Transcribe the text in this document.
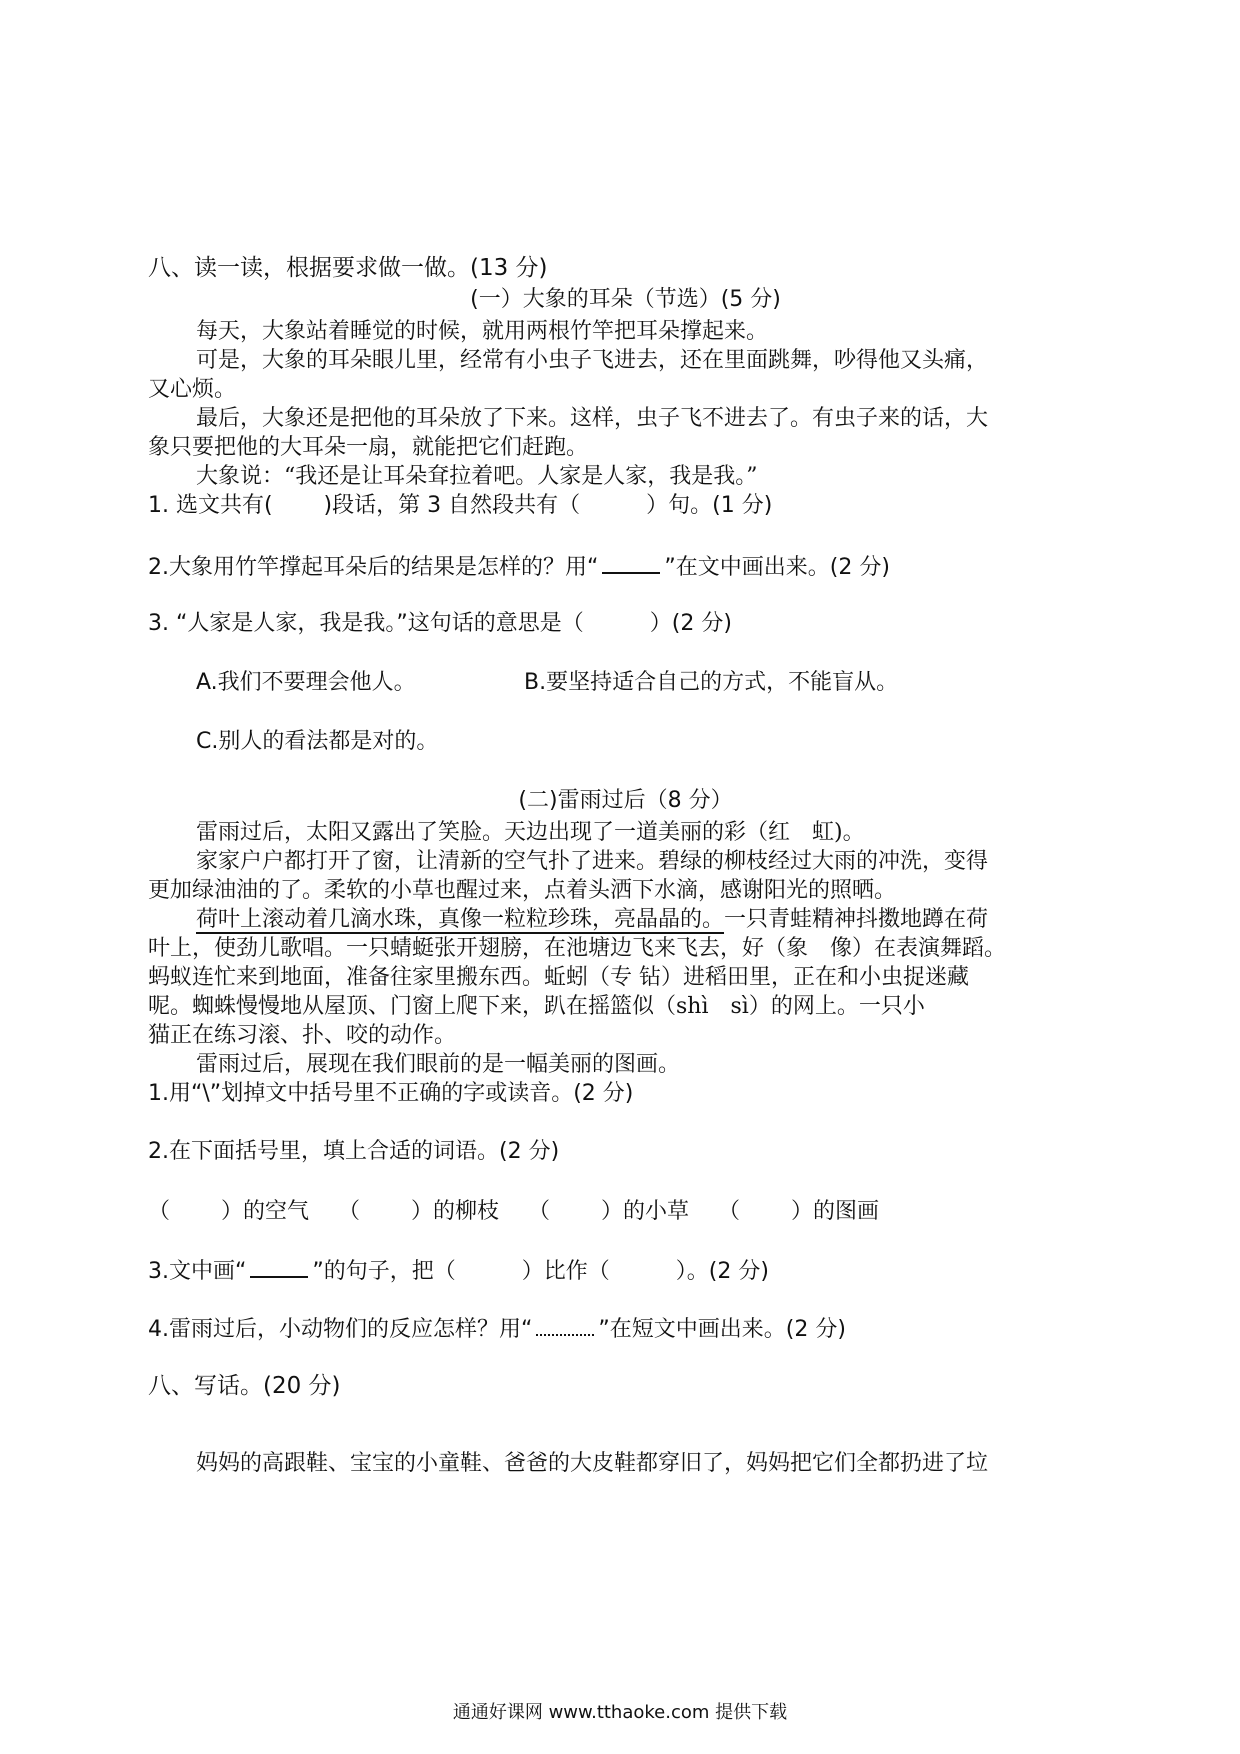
八、读一读，根据要求做一做。(13 分)
(一）大象的耳朵（节选）(5 分)
每天，大象站着睡觉的时候，就用两根竹竿把耳朵撑起来。
可是，大象的耳朵眼儿里，经常有小虫子飞进去，还在里面跳舞，吵得他又头痛，
又心烦。
最后，大象还是把他的耳朵放了下来。这样，虫子飞不进去了。有虫子来的话，大
象只要把他的大耳朵一扇，就能把它们赶跑。
大象说：“我还是让耳朵耷拉着吧。人家是人家，我是我。”
1. 选文共有(　　 )段话，第 3 自然段共有（　　　）句。(1 分)
2.大象用竹竿撑起耳朵后的结果是怎样的？用“	”在文中画出来。(2 分)
3. “人家是人家，我是我。”这句话的意思是（　　　）(2 分)
A.我们不要理会他人。	B.要坚持适合自己的方式，不能盲从。
C.别人的看法都是对的。
(二)雷雨过后（8 分）
雷雨过后，太阳又露出了笑脸。天边出现了一道美丽的彩（红　虹)。
家家户户都打开了窗，让清新的空气扑了进来。碧绿的柳枝经过大雨的冲洗，变得
更加绿油油的了。柔软的小草也醒过来，点着头洒下水滴，感谢阳光的照晒。
荷叶上滚动着几滴水珠，真像一粒粒珍珠，亮晶晶的。一只青蛙精神抖擞地蹲在荷
叶上，使劲儿歌唱。一只蜻蜓张开翅膀，在池塘边飞来飞去，好（象　像）在表演舞蹈。
蚂蚁连忙来到地面，准备往家里搬东西。蚯蚓（专 钻）进稻田里，正在和小虫捉迷藏
呢。蜘蛛慢慢地从屋顶、门窗上爬下来，趴在摇篮似（shì　sì）的网上。一只小
猫正在练习滚、扑、咬的动作。
雷雨过后，展现在我们眼前的是一幅美丽的图画。
1.用“\”划掉文中括号里不正确的字或读音。(2 分)
2.在下面括号里，填上合适的词语。(2 分)
（　　 ）的空气　 （　　 ）的柳枝　 （　　 ）的小草　 （　　 ）的图画
3.文中画“	”的句子，把（　　　）比作（　　　）。(2 分)
4.雷雨过后，小动物们的反应怎样？用“	”在短文中画出来。(2 分)
八、写话。(20 分)
妈妈的高跟鞋、宝宝的小童鞋、爸爸的大皮鞋都穿旧了，妈妈把它们全都扔进了垃
通通好课网 www.tthaoke.com 提供下载
